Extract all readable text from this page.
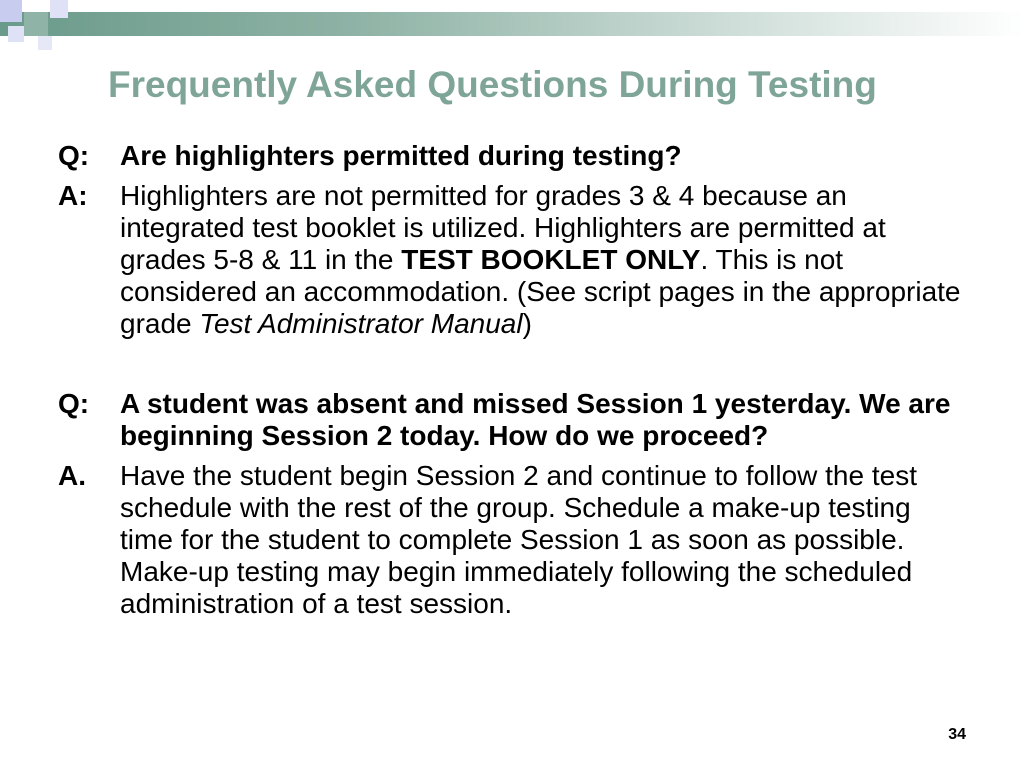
Frequently Asked Questions During Testing
Q:	Are highlighters permitted during testing?
A:	Highlighters are not permitted for grades 3 & 4 because an integrated test booklet is utilized. Highlighters are permitted at grades 5-8 & 11 in the TEST BOOKLET ONLY. This is not considered an accommodation. (See script pages in the appropriate grade Test Administrator Manual)
Q:	A student was absent and missed Session 1 yesterday. We are beginning Session 2 today. How do we proceed?
A.	Have the student begin Session 2 and continue to follow the test schedule with the rest of the group. Schedule a make-up testing time for the student to complete Session 1 as soon as possible. Make-up testing may begin immediately following the scheduled administration of a test session.
34
